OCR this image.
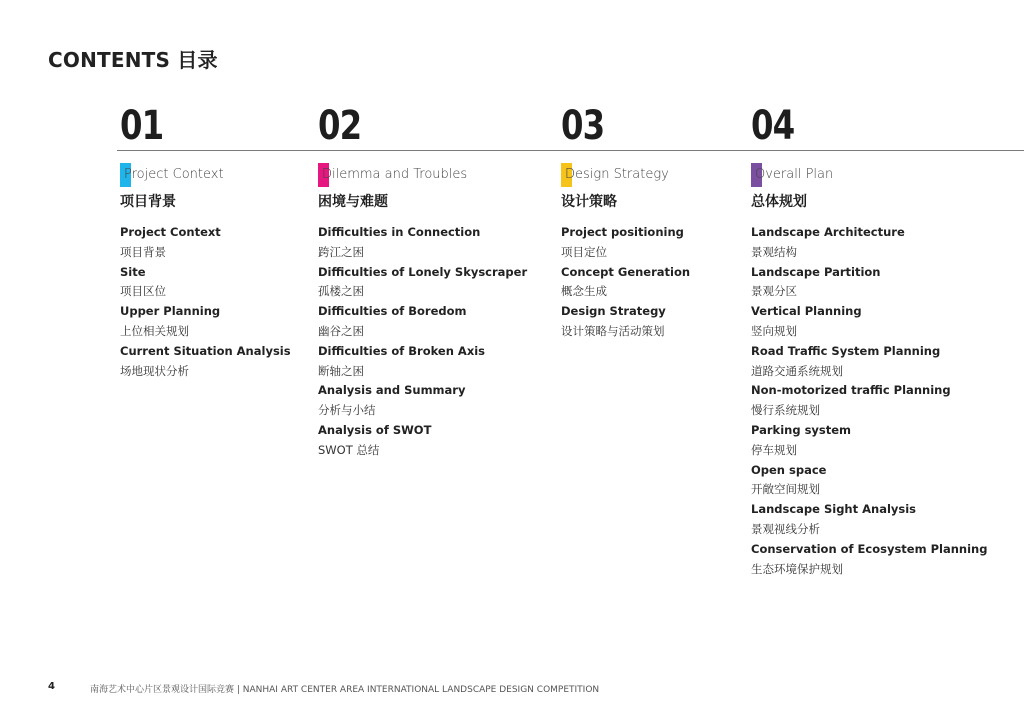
CONTENTS 目录
01
Project Context
项目背景
Project Context
项目背景
Site
项目区位
Upper Planning
上位相关规划
Current Situation Analysis
场地现状分析
02
Dilemma and Troubles
困境与难题
Difficulties in Connection
跨江之困
Difficulties of Lonely Skyscraper
孤楼之困
Difficulties of Boredom
幽谷之困
Difficulties of Broken Axis
断轴之困
Analysis and Summary
分析与小结
Analysis of SWOT
SWOT 总结
03
Design Strategy
设计策略
Project positioning
项目定位
Concept Generation
概念生成
Design Strategy
设计策略与活动策划
04
Overall Plan
总体规划
Landscape Architecture
景观结构
Landscape Partition
景观分区
Vertical Planning
竖向规划
Road Traffic System Planning
道路交通系统规划
Non-motorized traffic Planning
慢行系统规划
Parking system
停车规划
Open space
开敞空间规划
Landscape Sight Analysis
景观视线分析
Conservation of Ecosystem Planning
生态环境保护规划
4	南海艺术中心片区景观设计国际竞赛 | NANHAI ART CENTER AREA INTERNATIONAL LANDSCAPE DESIGN COMPETITION
